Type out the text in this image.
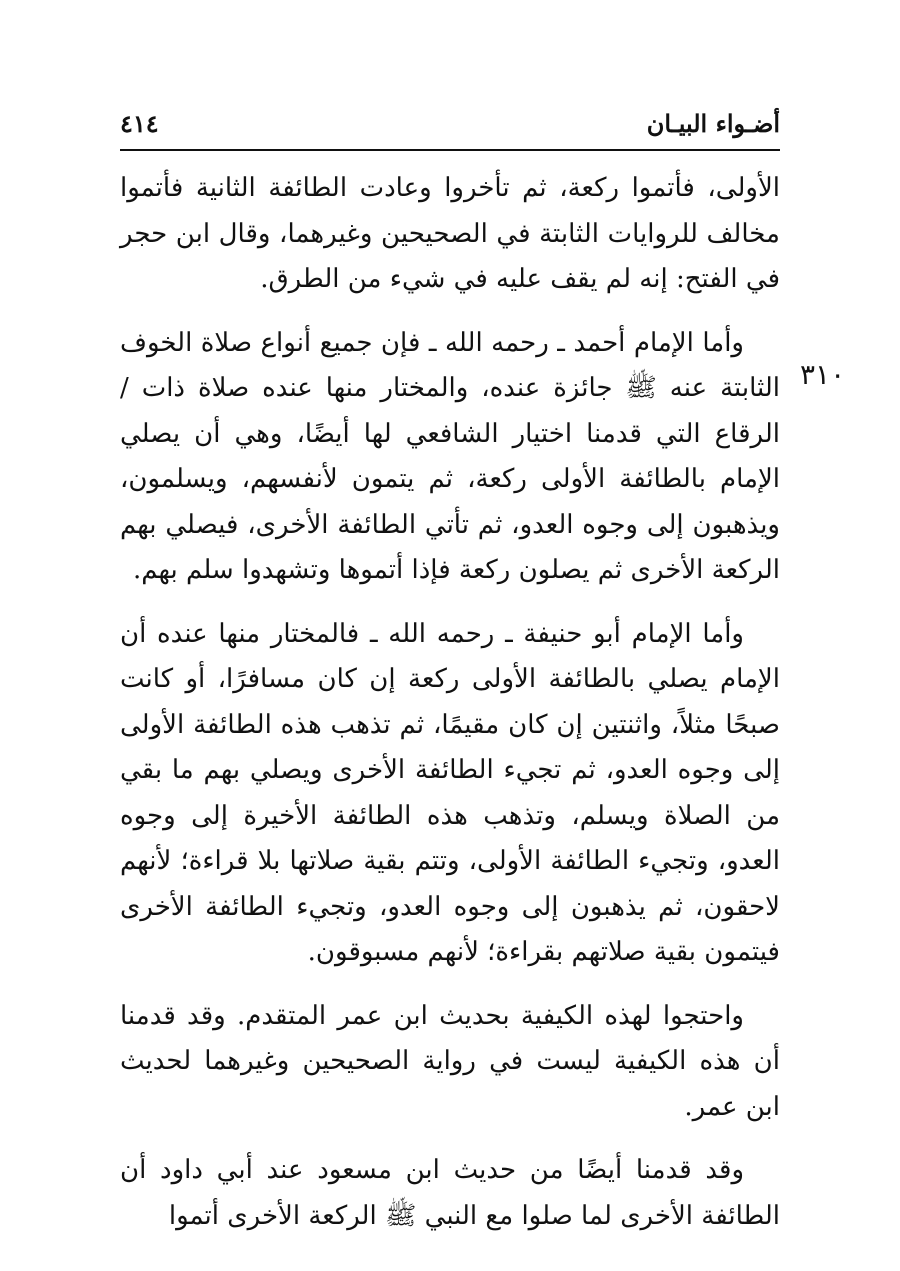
أضـواء البيـان
٤١٤
٣١٠

الأولى، فأتموا ركعة، ثم تأخروا وعادت الطائفة الثانية فأتموا مخالف للروايات الثابتة في الصحيحين وغيرهما، وقال ابن حجر في الفتح: إنه لم يقف عليه في شيء من الطرق.

وأما الإمام أحمد ـ رحمه الله ـ فإن جميع أنواع صلاة الخوف الثابتة عنه ﷺ جائزة عنده، والمختار منها عنده صلاة ذات / الرقاع التي قدمنا اختيار الشافعي لها أيضًا، وهي أن يصلي الإمام بالطائفة الأولى ركعة، ثم يتمون لأنفسهم، ويسلمون، ويذهبون إلى وجوه العدو، ثم تأتي الطائفة الأخرى، فيصلي بهم الركعة الأخرى ثم يصلون ركعة فإذا أتموها وتشهدوا سلم بهم.

وأما الإمام أبو حنيفة ـ رحمه الله ـ فالمختار منها عنده أن الإمام يصلي بالطائفة الأولى ركعة إن كان مسافرًا، أو كانت صبحًا مثلاً، واثنتين إن كان مقيمًا، ثم تذهب هذه الطائفة الأولى إلى وجوه العدو، ثم تجيء الطائفة الأخرى ويصلي بهم ما بقي من الصلاة ويسلم، وتذهب هذه الطائفة الأخيرة إلى وجوه العدو، وتجيء الطائفة الأولى، وتتم بقية صلاتها بلا قراءة؛ لأنهم لاحقون، ثم يذهبون إلى وجوه العدو، وتجيء الطائفة الأخرى فيتمون بقية صلاتهم بقراءة؛ لأنهم مسبوقون.

واحتجوا لهذه الكيفية بحديث ابن عمر المتقدم. وقد قدمنا أن هذه الكيفية ليست في رواية الصحيحين وغيرهما لحديث ابن عمر.

وقد قدمنا أيضًا من حديث ابن مسعود عند أبي داود أن الطائفة الأخرى لما صلوا مع النبي ﷺ الركعة الأخرى أتموا
